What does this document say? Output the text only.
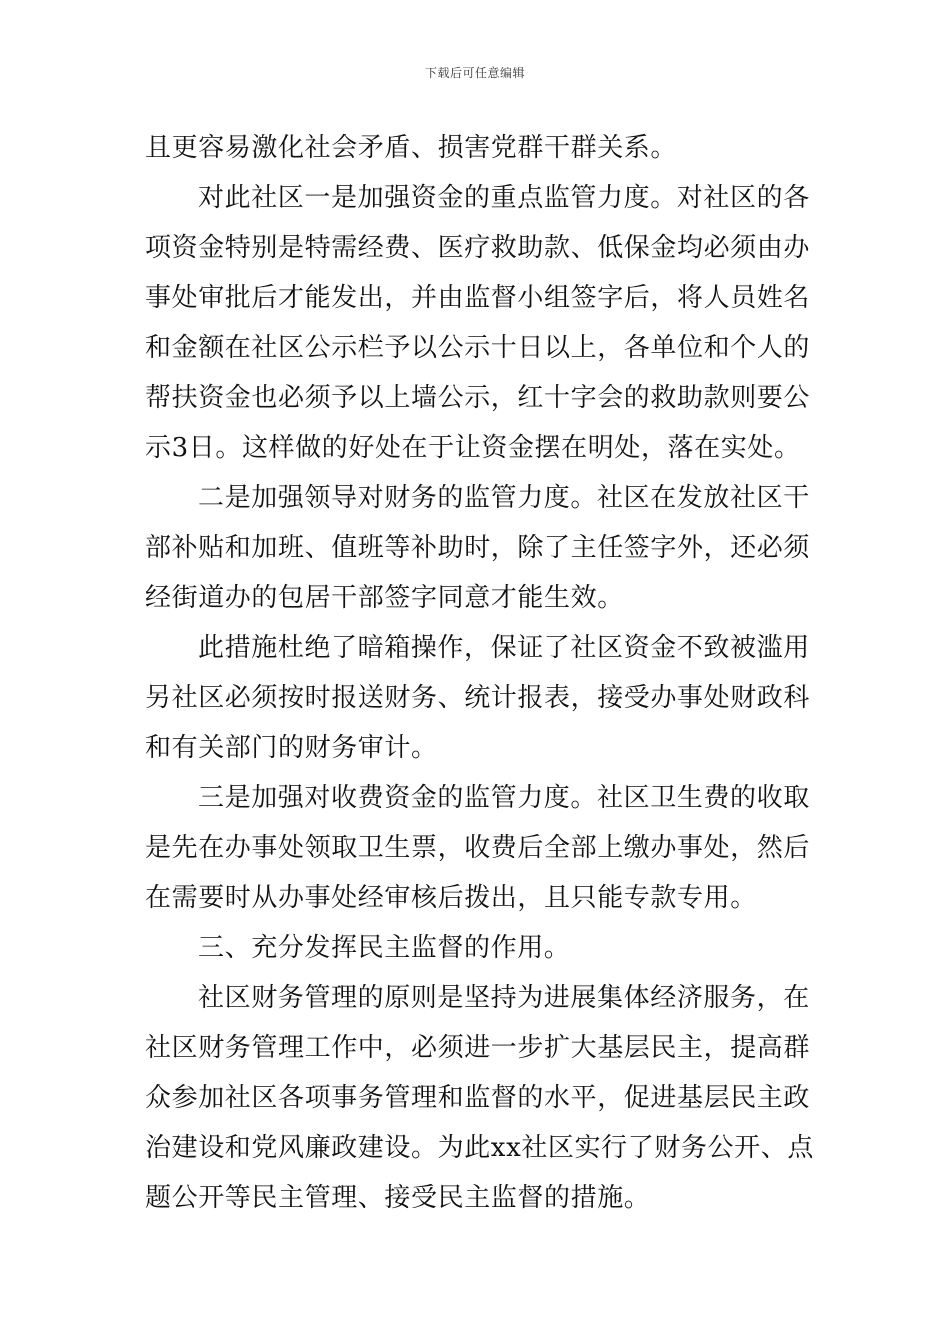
下载后可任意编辑
且更容易激化社会矛盾、损害党群干群关系。
对此社区一是加强资金的重点监管力度。对社区的各
项资金特别是特需经费、医疗救助款、低保金均必须由办
事处审批后才能发出，并由监督小组签字后，将人员姓名
和金额在社区公示栏予以公示十日以上，各单位和个人的
帮扶资金也必须予以上墙公示，红十字会的救助款则要公
示3日。这样做的好处在于让资金摆在明处，落在实处。
二是加强领导对财务的监管力度。社区在发放社区干
部补贴和加班、值班等补助时，除了主任签字外，还必须
经街道办的包居干部签字同意才能生效。
此措施杜绝了暗箱操作，保证了社区资金不致被滥用
另社区必须按时报送财务、统计报表，接受办事处财政科
和有关部门的财务审计。
三是加强对收费资金的监管力度。社区卫生费的收取
是先在办事处领取卫生票，收费后全部上缴办事处，然后
在需要时从办事处经审核后拨出，且只能专款专用。
三、充分发挥民主监督的作用。
社区财务管理的原则是坚持为进展集体经济服务，在
社区财务管理工作中，必须进一步扩大基层民主，提高群
众参加社区各项事务管理和监督的水平，促进基层民主政
治建设和党风廉政建设。为此xx社区实行了财务公开、点
题公开等民主管理、接受民主监督的措施。
